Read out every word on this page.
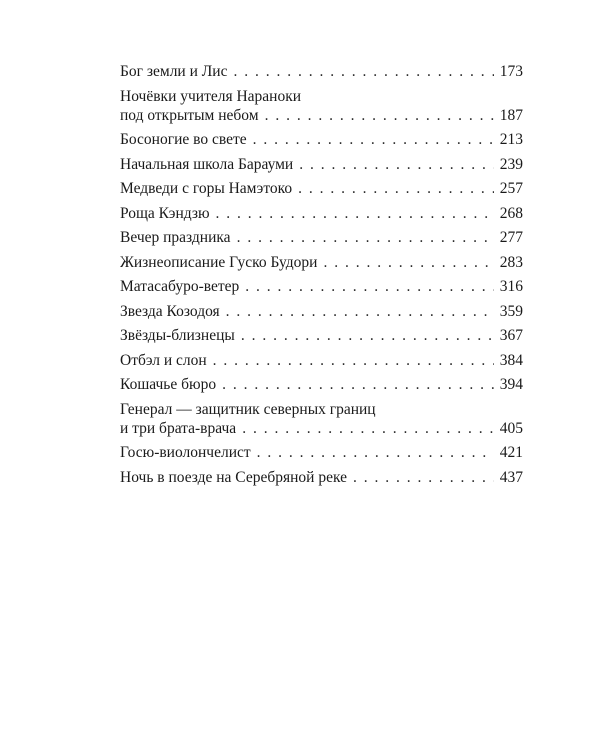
Бог земли и Лис . . .	173
Ночёвки учителя Нараноки
под открытым небом . . .	187
Босоногие во свете . . .	213
Начальная школа Барауми . . .	239
Медведи с горы Намэтоко . . .	257
Роща Кэндзю . . .	268
Вечер праздника . . .	277
Жизнеописание Гуско Будори . . .	283
Матасабуро-ветер . . .	316
Звезда Козодоя . . .	359
Звёзды-близнецы . . .	367
Отбэл и слон . . .	384
Кошачье бюро . . .	394
Генерал — защитник северных границ
и три брата-врача . . .	405
Госю-виолончелист . . .	421
Ночь в поезде на Серебряной реке . . .	437
